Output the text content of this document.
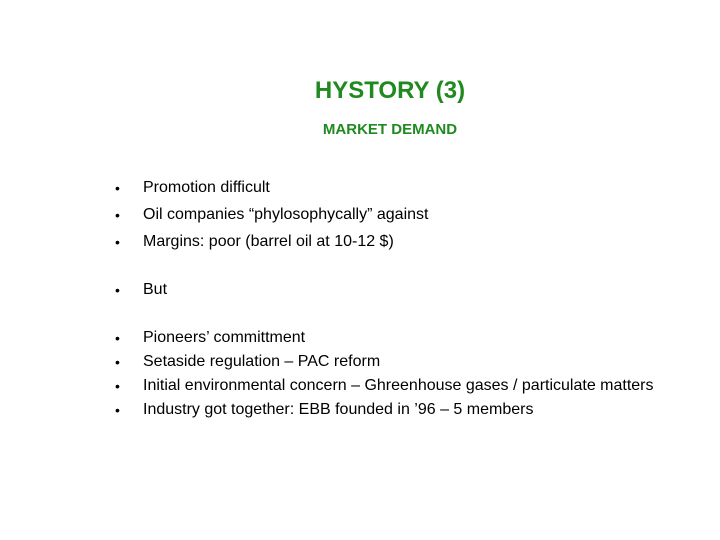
HYSTORY (3)
MARKET DEMAND
•	Promotion difficult
•	Oil companies “phylosophycally” against
•	Margins: poor (barrel oil at 10-12 $)
•	But
•	Pioneers’ committment
•	Setaside regulation – PAC reform
•	Initial environmental concern – Ghreenhouse gases / particulate matters
•	Industry got together: EBB founded in ’96 – 5 members
